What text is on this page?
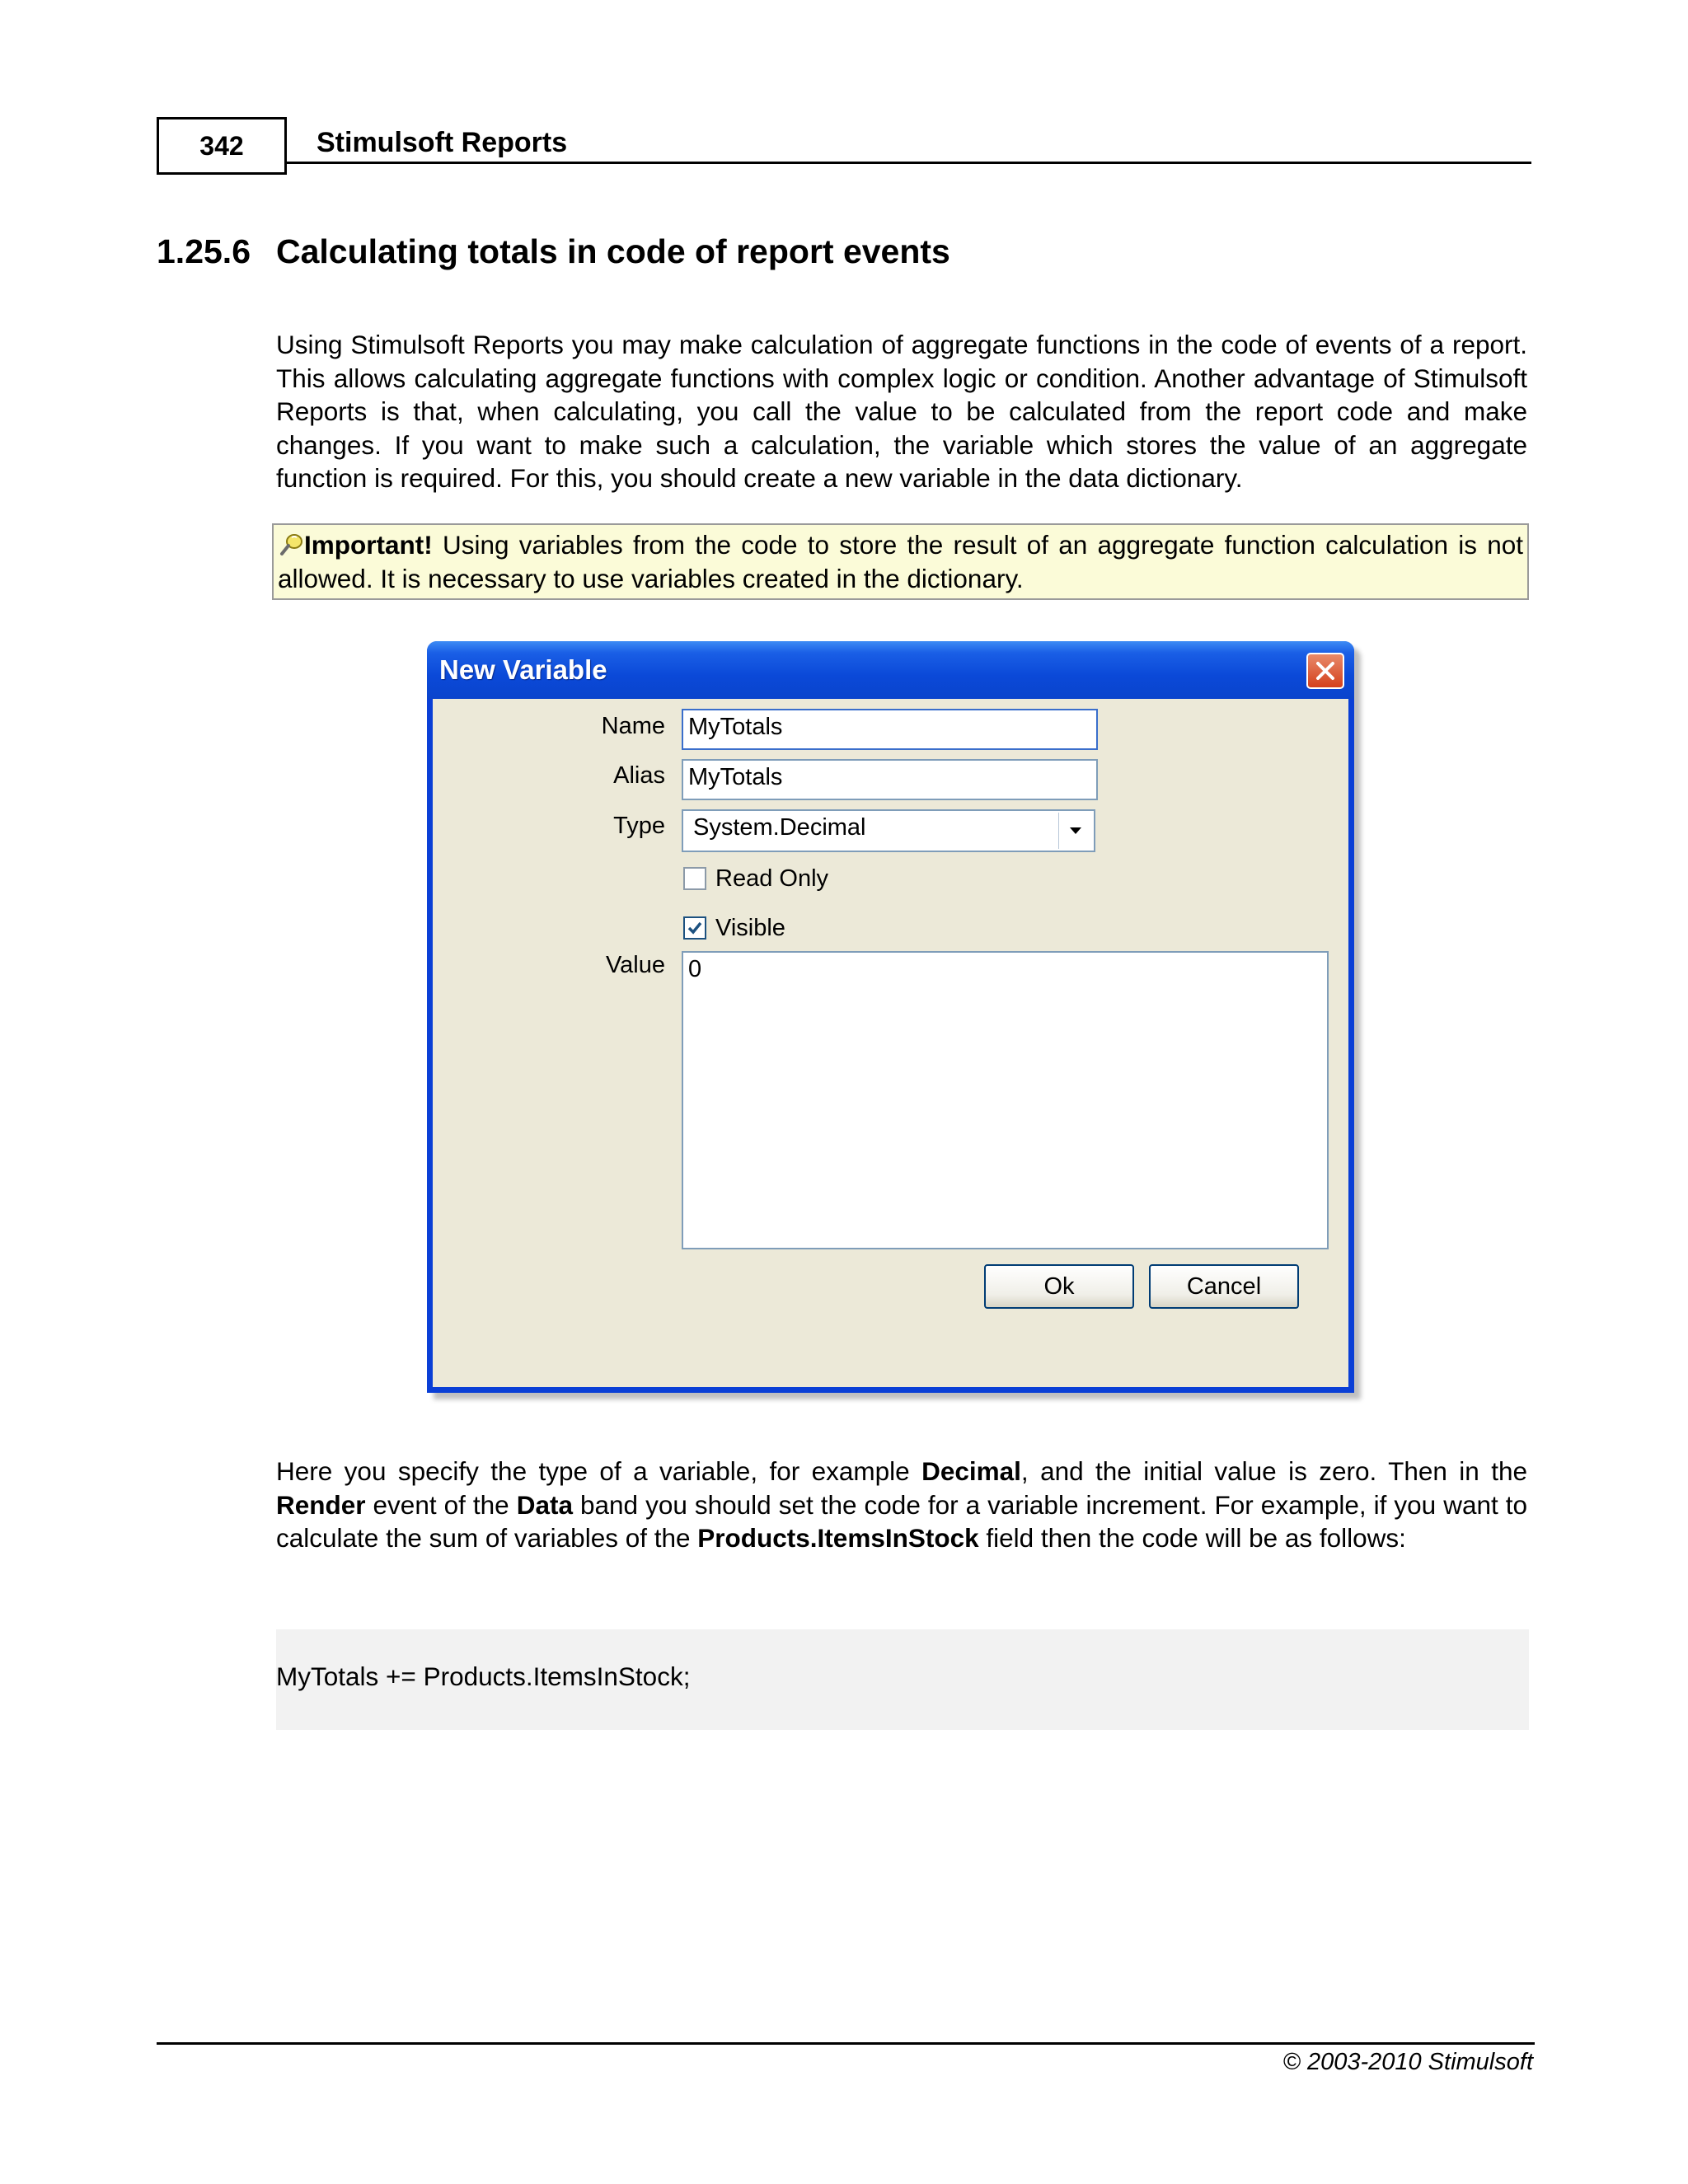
342	Stimulsoft Reports
1.25.6 Calculating totals in code of report events

Using Stimulsoft Reports you may make calculation of aggregate functions in the code of events of a report. This allows calculating aggregate functions with complex logic or condition. Another advantage of Stimulsoft Reports is that, when calculating, you call the value to be calculated from the report code and make changes. If you want to make such a calculation, the variable which stores the value of an aggregate function is required. For this, you should create a new variable in the data dictionary.

Important! Using variables from the code to store the result of an aggregate function calculation is not allowed. It is necessary to use variables created in the dictionary.
New Variable
Name MyTotals
Alias MyTotals
Type	System.Decimal
Read Only
Visible
Value 0
Ok	Cancel

Here you specify the type of a variable, for example Decimal, and the initial value is zero. Then in the Render event of the Data band you should set the code for a variable increment. For example, if you want to calculate the sum of variables of the Products.ItemsInStock field then the code will be as follows:

MyTotals += Products.ItemsInStock;
© 2003-2010 Stimulsoft
